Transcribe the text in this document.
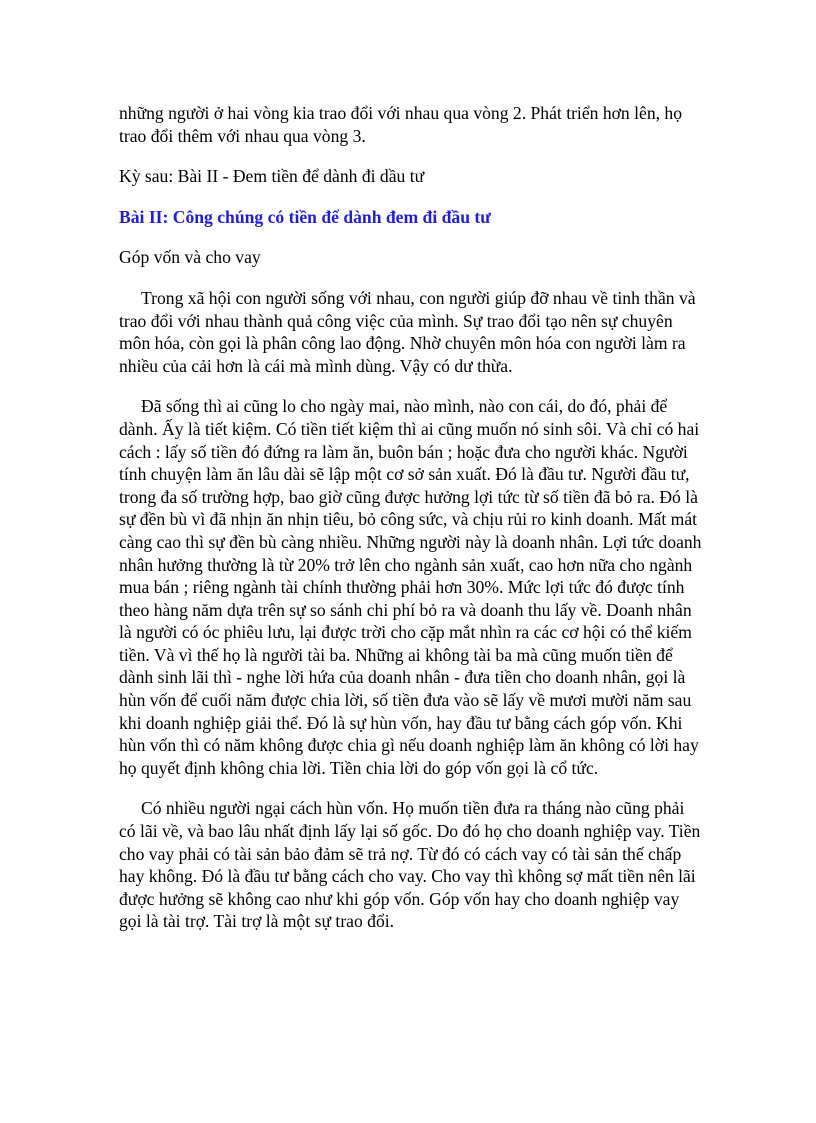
những người ở hai vòng kia trao đổi với nhau qua vòng 2. Phát triển hơn lên, họ trao đổi thêm với nhau qua vòng 3.

Kỳ sau: Bài II - Đem tiền để dành đi dầu tư

Bài II: Công chúng có tiền để dành đem đi đầu tư

Góp vốn và cho vay

Trong xã hội con người sống với nhau, con người giúp đỡ nhau về tinh thần và trao đổi với nhau thành quả công việc của mình. Sự trao đổi tạo nên sự chuyên môn hóa, còn gọi là phân công lao động. Nhờ chuyên môn hóa con người làm ra nhiều của cải hơn là cái mà mình dùng. Vậy có dư thừa.

Đã sống thì ai cũng lo cho ngày mai, nào mình, nào con cái, do đó, phải để dành. Ấy là tiết kiệm. Có tiền tiết kiệm thì ai cũng muốn nó sinh sôi. Và chỉ có hai cách : lấy số tiền đó đứng ra làm ăn, buôn bán ; hoặc đưa cho người khác. Người tính chuyện làm ăn lâu dài sẽ lập một cơ sở sản xuất. Đó là đầu tư. Người đầu tư, trong đa số trường hợp, bao giờ cũng được hưởng lợi tức từ số tiền đã bỏ ra. Đó là sự đền bù vì đã nhịn ăn nhịn tiêu, bỏ công sức, và chịu rủi ro kinh doanh. Mất mát càng cao thì sự đền bù càng nhiều. Những người này là doanh nhân. Lợi tức doanh nhân hưởng thường là từ 20% trở lên cho ngành sản xuất, cao hơn nữa cho ngành mua bán ; riêng ngành tài chính thường phải hơn 30%. Mức lợi tức đó được tính theo hàng năm dựa trên sự so sánh chi phí bỏ ra và doanh thu lấy về. Doanh nhân là người có óc phiêu lưu, lại được trời cho cặp mắt nhìn ra các cơ hội có thể kiếm tiền. Và vì thế họ là người tài ba. Những ai không tài ba mà cũng muốn tiền để dành sinh lãi thì - nghe lời hứa của doanh nhân - đưa tiền cho doanh nhân, gọi là hùn vốn để cuối năm được chia lời, số tiền đưa vào sẽ lấy về mươi mười năm sau khi doanh nghiệp giải thể. Đó là sự hùn vốn, hay đầu tư bằng cách góp vốn. Khi hùn vốn thì có năm không được chia gì nếu doanh nghiệp làm ăn không có lời hay họ quyết định không chia lời. Tiền chia lời do góp vốn gọi là cổ tức.

Có nhiều người ngại cách hùn vốn. Họ muốn tiền đưa ra tháng nào cũng phải có lãi về, và bao lâu nhất định lấy lại số gốc. Do đó họ cho doanh nghiệp vay. Tiền cho vay phải có tài sản bảo đảm sẽ trả nợ. Từ đó có cách vay có tài sản thế chấp hay không. Đó là đầu tư bằng cách cho vay. Cho vay thì không sợ mất tiền nên lãi được hưởng sẽ không cao như khi góp vốn. Góp vốn hay cho doanh nghiệp vay gọi là tài trợ. Tài trợ là một sự trao đổi.
